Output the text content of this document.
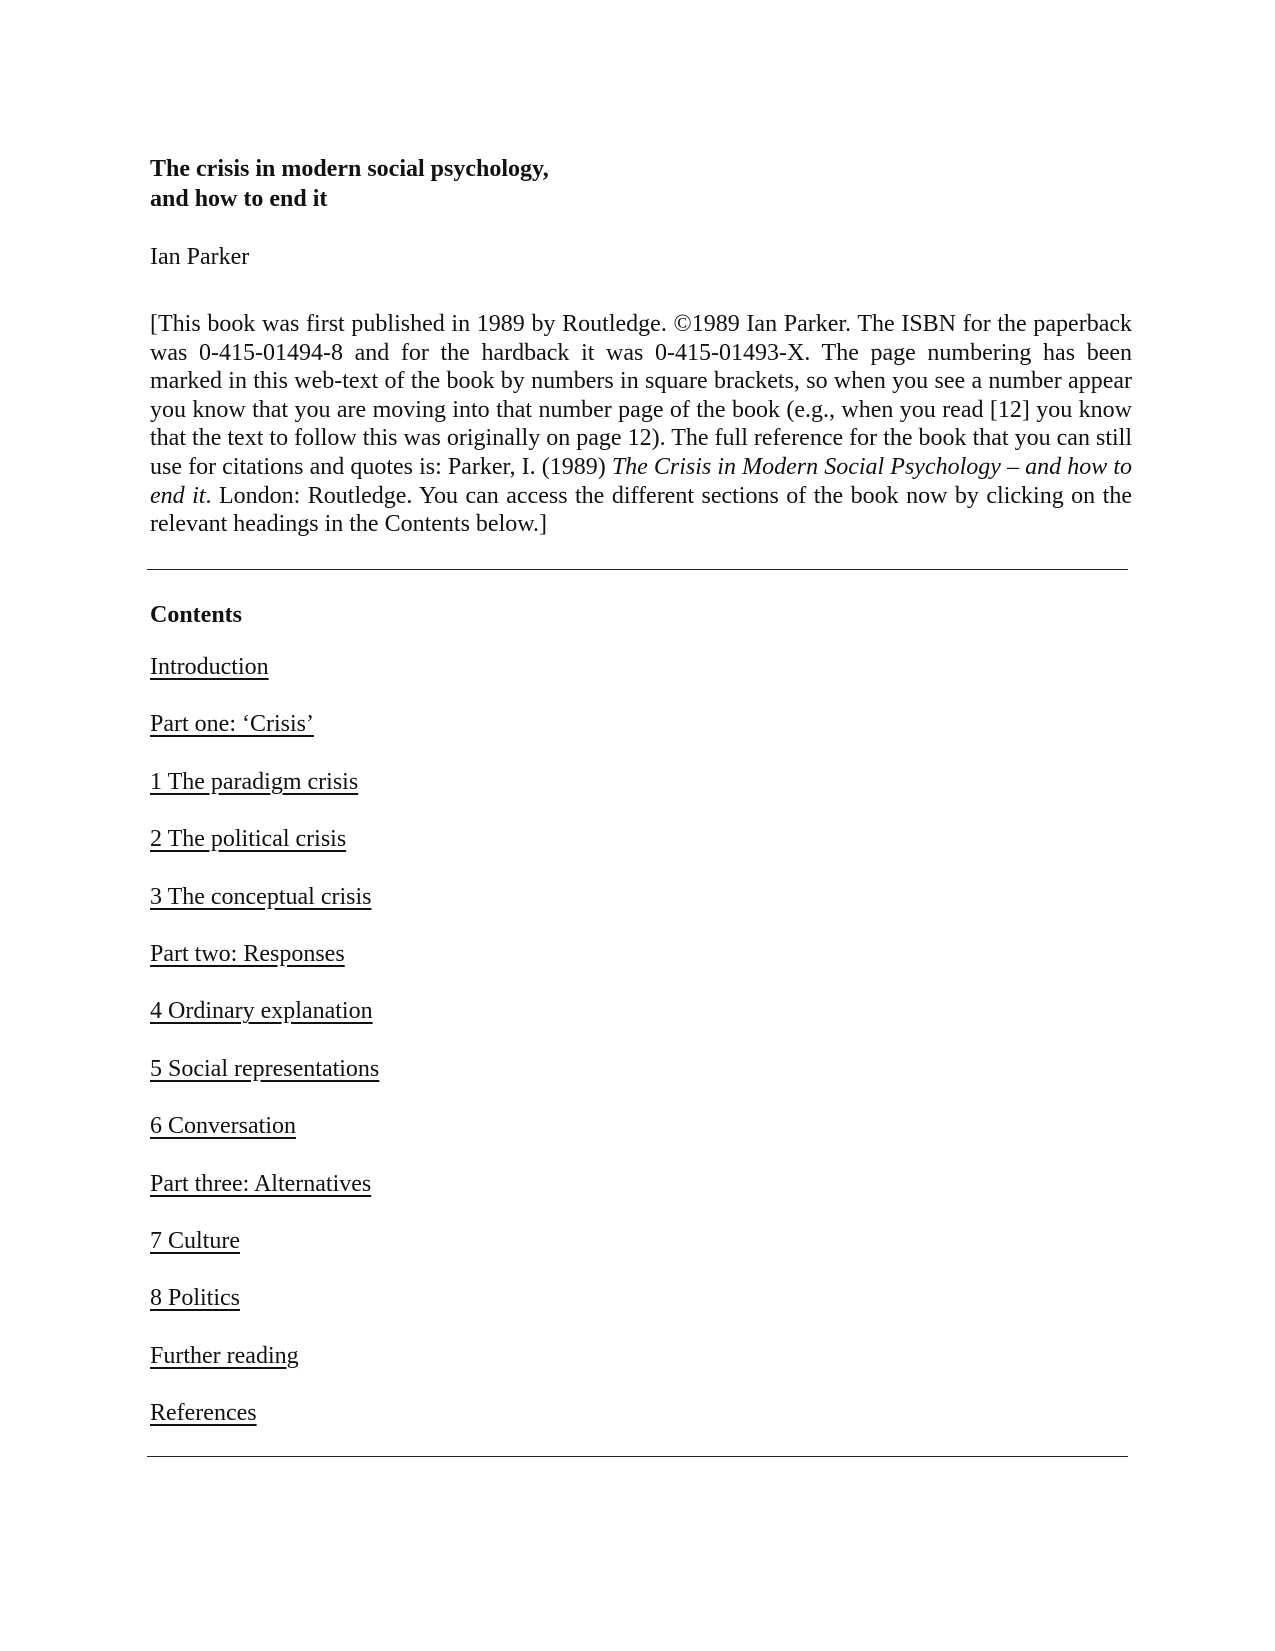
The crisis in modern social psychology,
and how to end it

Ian Parker

[This book was first published in 1989 by Routledge. ©1989 Ian Parker. The ISBN for the paperback was 0-415-01494-8 and for the hardback it was 0-415-01493-X. The page numbering has been marked in this web-text of the book by numbers in square brackets, so when you see a number appear you know that you are moving into that number page of the book (e.g., when you read [12] you know that the text to follow this was originally on page 12). The full reference for the book that you can still use for citations and quotes is: Parker, I. (1989) The Crisis in Modern Social Psychology – and how to end it. London: Routledge. You can access the different sections of the book now by clicking on the relevant headings in the Contents below.]

Contents
Introduction
Part one: ‘Crisis’
1 The paradigm crisis
2 The political crisis
3 The conceptual crisis
Part two: Responses
4 Ordinary explanation
5 Social representations
6 Conversation
Part three: Alternatives
7 Culture
8 Politics
Further reading
References
